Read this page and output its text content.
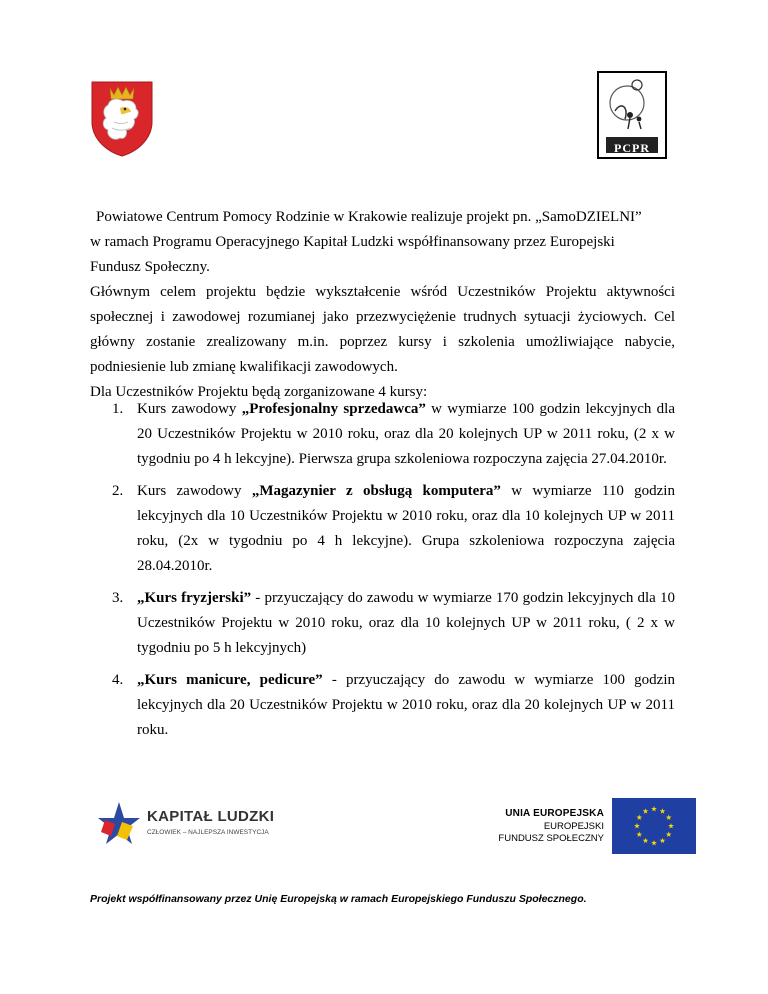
PCPR

Powiatowe Centrum Pomocy Rodzinie w Krakowie realizuje projekt pn. „SamoDZIELNI”

w ramach Programu Operacyjnego Kapitał Ludzki współfinansowany przez Europejski

Fundusz Społeczny.

Głównym celem projektu będzie wykształcenie wśród Uczestników Projektu aktywności społecznej i zawodowej rozumianej jako przezwyciężenie trudnych sytuacji życiowych. Cel główny zostanie zrealizowany m.in. poprzez kursy i szkolenia umożliwiające nabycie, podniesienie lub zmianę kwalifikacji zawodowych.

Dla Uczestników Projektu będą zorganizowane 4 kursy:

1. Kurs zawodowy „Profesjonalny sprzedawca” w wymiarze 100 godzin lekcyjnych dla 20 Uczestników Projektu w 2010 roku, oraz dla 20 kolejnych UP w 2011 roku, (2 x w tygodniu po 4 h lekcyjne). Pierwsza grupa szkoleniowa rozpoczyna zajęcia 27.04.2010r.
2. Kurs zawodowy „Magazynier z obsługą komputera” w wymiarze 110 godzin lekcyjnych dla 10 Uczestników Projektu w 2010 roku, oraz dla 10 kolejnych UP w 2011 roku, (2x w tygodniu po 4 h lekcyjne). Grupa szkoleniowa rozpoczyna zajęcia 28.04.2010r.
3. „Kurs fryzjerski” - przyuczający do zawodu w wymiarze 170 godzin lekcyjnych dla 10 Uczestników Projektu w 2010 roku, oraz dla 10 kolejnych UP w 2011 roku, ( 2 x w tygodniu po 5 h lekcyjnych)
4. „Kurs manicure, pedicure” - przyuczający do zawodu w wymiarze 100 godzin lekcyjnych dla 20 Uczestników Projektu w 2010 roku, oraz dla 20 kolejnych UP w 2011 roku.
KAPITAŁ LUDZKI
CZŁOWIEK – NAJLEPSZA INWESTYCJA
UNIA EUROPEJSKA
EUROPEJSKI
FUNDUSZ SPOŁECZNY
Projekt współfinansowany przez Unię Europejską w ramach Europejskiego Funduszu Społecznego.
